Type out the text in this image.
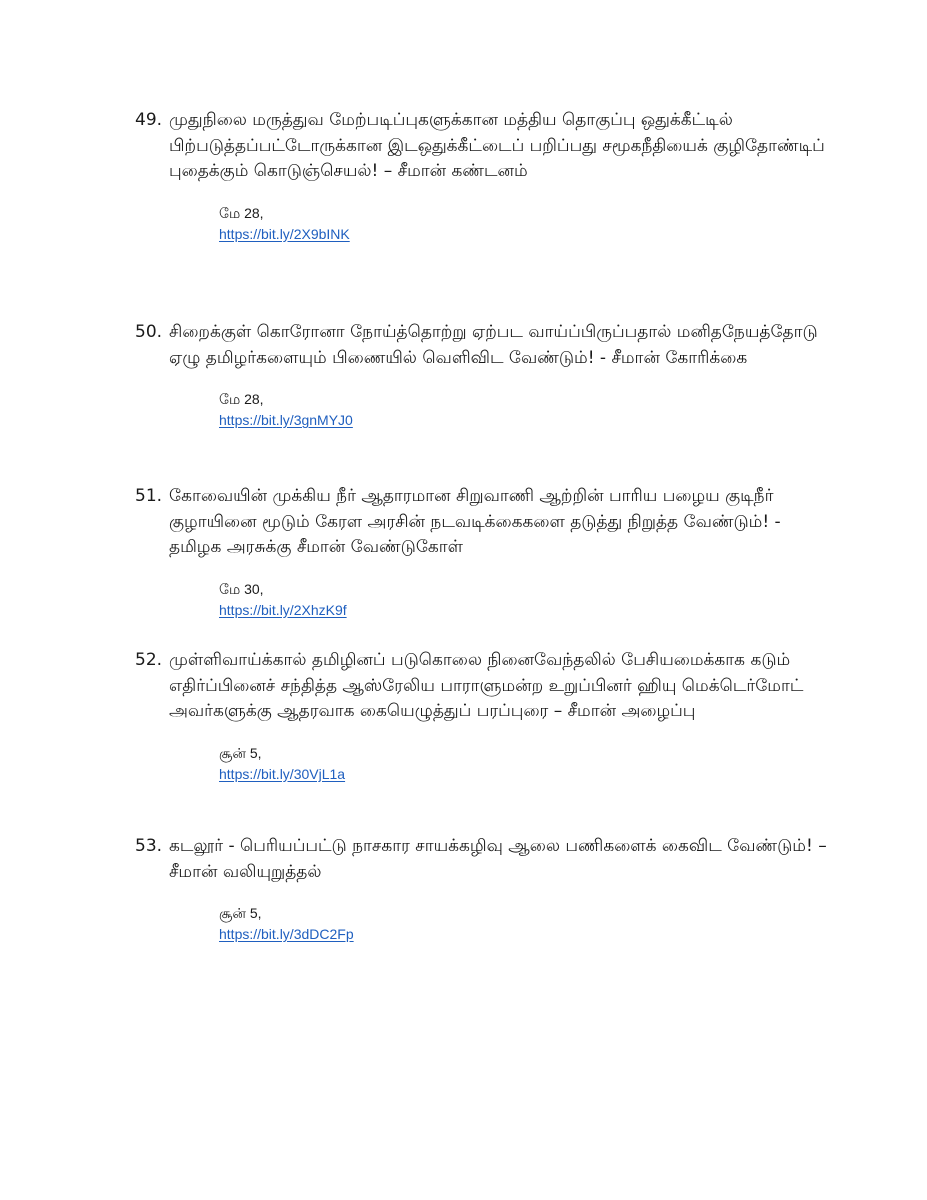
49. முதுநிலை மருத்துவ மேற்படிப்புகளுக்கான மத்திய தொகுப்பு ஒதுக்கீட்டில் பிற்படுத்தப்பட்டோருக்கான இடஒதுக்கீட்டைப் பறிப்பது சமூகநீதியைக் குழிதோண்டிப் புதைக்கும் கொடுஞ்செயல்! – சீமான் கண்டனம்
மே 28,
https://bit.ly/2X9bINK
50. சிறைக்குள் கொரோனா நோய்த்தொற்று ஏற்பட வாய்ப்பிருப்பதால் மனிதநேயத்தோடு ஏழு தமிழர்களையும் பிணையில் வெளிவிட வேண்டும்! - சீமான் கோரிக்கை
மே 28,
https://bit.ly/3gnMYJ0
51. கோவையின் முக்கிய நீர் ஆதாரமான சிறுவாணி ஆற்றின் பாரிய பழைய குடிநீர் குழாயினை மூடும் கேரள அரசின் நடவடிக்கைகளை தடுத்து நிறுத்த வேண்டும்! - தமிழக அரசுக்கு சீமான் வேண்டுகோள்
மே 30,
https://bit.ly/2XhzK9f
52. முள்ளிவாய்க்கால் தமிழினப் படுகொலை நினைவேந்தலில் பேசியமைக்காக கடும் எதிர்ப்பினைச் சந்தித்த ஆஸ்ரேலிய பாராளுமன்ற உறுப்பினர் ஹியு மெக்டெர்மோட் அவர்களுக்கு ஆதரவாக கையெழுத்துப் பரப்புரை – சீமான் அழைப்பு
சூன் 5,
https://bit.ly/30VjL1a
53. கடலூர் - பெரியப்பட்டு நாசகார சாயக்கழிவு ஆலை பணிகளைக் கைவிட வேண்டும்! – சீமான் வலியுறுத்தல்
சூன் 5,
https://bit.ly/3dDC2Fp
